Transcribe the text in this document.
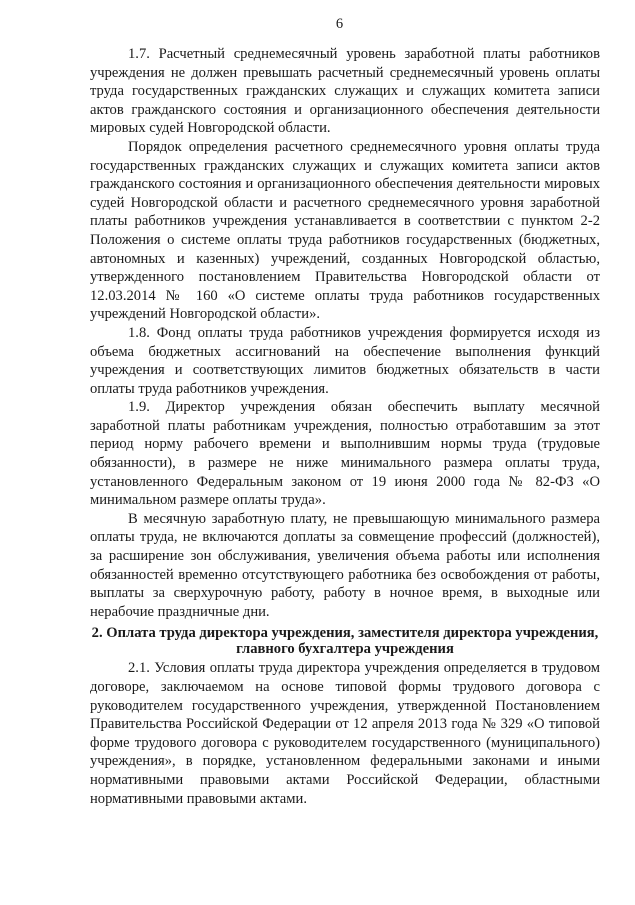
6

1.7. Расчетный среднемесячный уровень заработной платы работников учреждения не должен превышать расчетный среднемесячный уровень оплаты труда государственных гражданских служащих и служащих комитета записи актов гражданского состояния и организационного обеспечения деятельности мировых судей Новгородской области.

Порядок определения расчетного среднемесячного уровня оплаты труда государственных гражданских служащих и служащих комитета записи актов гражданского состояния и организационного обеспечения деятельности мировых судей Новгородской области и расчетного среднемесячного уровня заработной платы работников учреждения устанавливается в соответствии с пунктом 2-2 Положения о системе оплаты труда работников государственных (бюджетных, автономных и казенных) учреждений, созданных Новгородской областью, утвержденного постановлением Правительства Новгородской области от 12.03.2014 № 160 «О системе оплаты труда работников государственных учреждений Новгородской области».

1.8. Фонд оплаты труда работников учреждения формируется исходя из объема бюджетных ассигнований на обеспечение выполнения функций учреждения и соответствующих лимитов бюджетных обязательств в части оплаты труда работников учреждения.

1.9. Директор учреждения обязан обеспечить выплату месячной заработной платы работникам учреждения, полностью отработавшим за этот период норму рабочего времени и выполнившим нормы труда (трудовые обязанности), в размере не ниже минимального размера оплаты труда, установленного Федеральным законом от 19 июня 2000 года № 82-ФЗ «О минимальном размере оплаты труда».

В месячную заработную плату, не превышающую минимального размера оплаты труда, не включаются доплаты за совмещение профессий (должностей), за расширение зон обслуживания, увеличения объема работы или исполнения обязанностей временно отсутствующего работника без освобождения от работы, выплаты за сверхурочную работу, работу в ночное время, в выходные или нерабочие праздничные дни.

2. Оплата труда директора учреждения, заместителя директора учреждения, главного бухгалтера учреждения

2.1. Условия оплаты труда директора учреждения определяется в трудовом договоре, заключаемом на основе типовой формы трудового договора с руководителем государственного учреждения, утвержденной Постановлением Правительства Российской Федерации от 12 апреля 2013 года № 329 «О типовой форме трудового договора с руководителем государственного (муниципального) учреждения», в порядке, установленном федеральными законами и иными нормативными правовыми актами Российской Федерации, областными нормативными правовыми актами.
